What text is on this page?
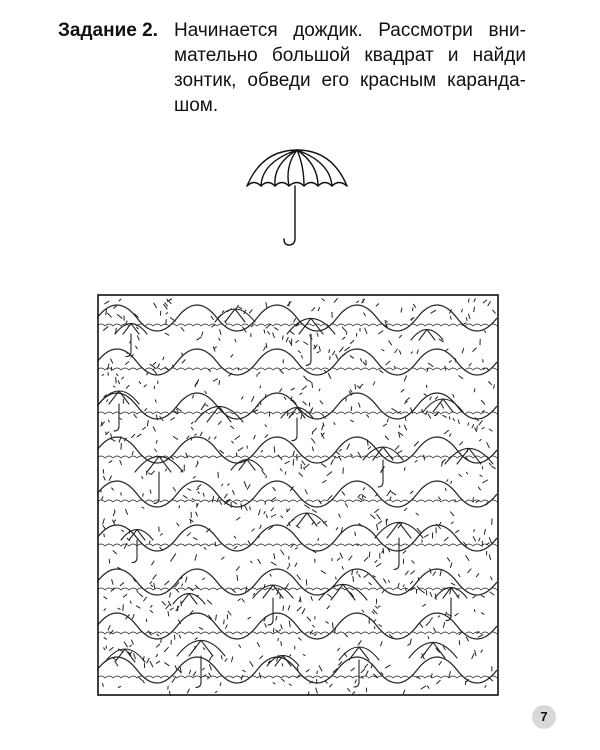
Задание 2. Начинается дождик. Рассмотри вни-
мательно большой квадрат и найди
зонтик, обведи его красным каранда-
шом.
7
